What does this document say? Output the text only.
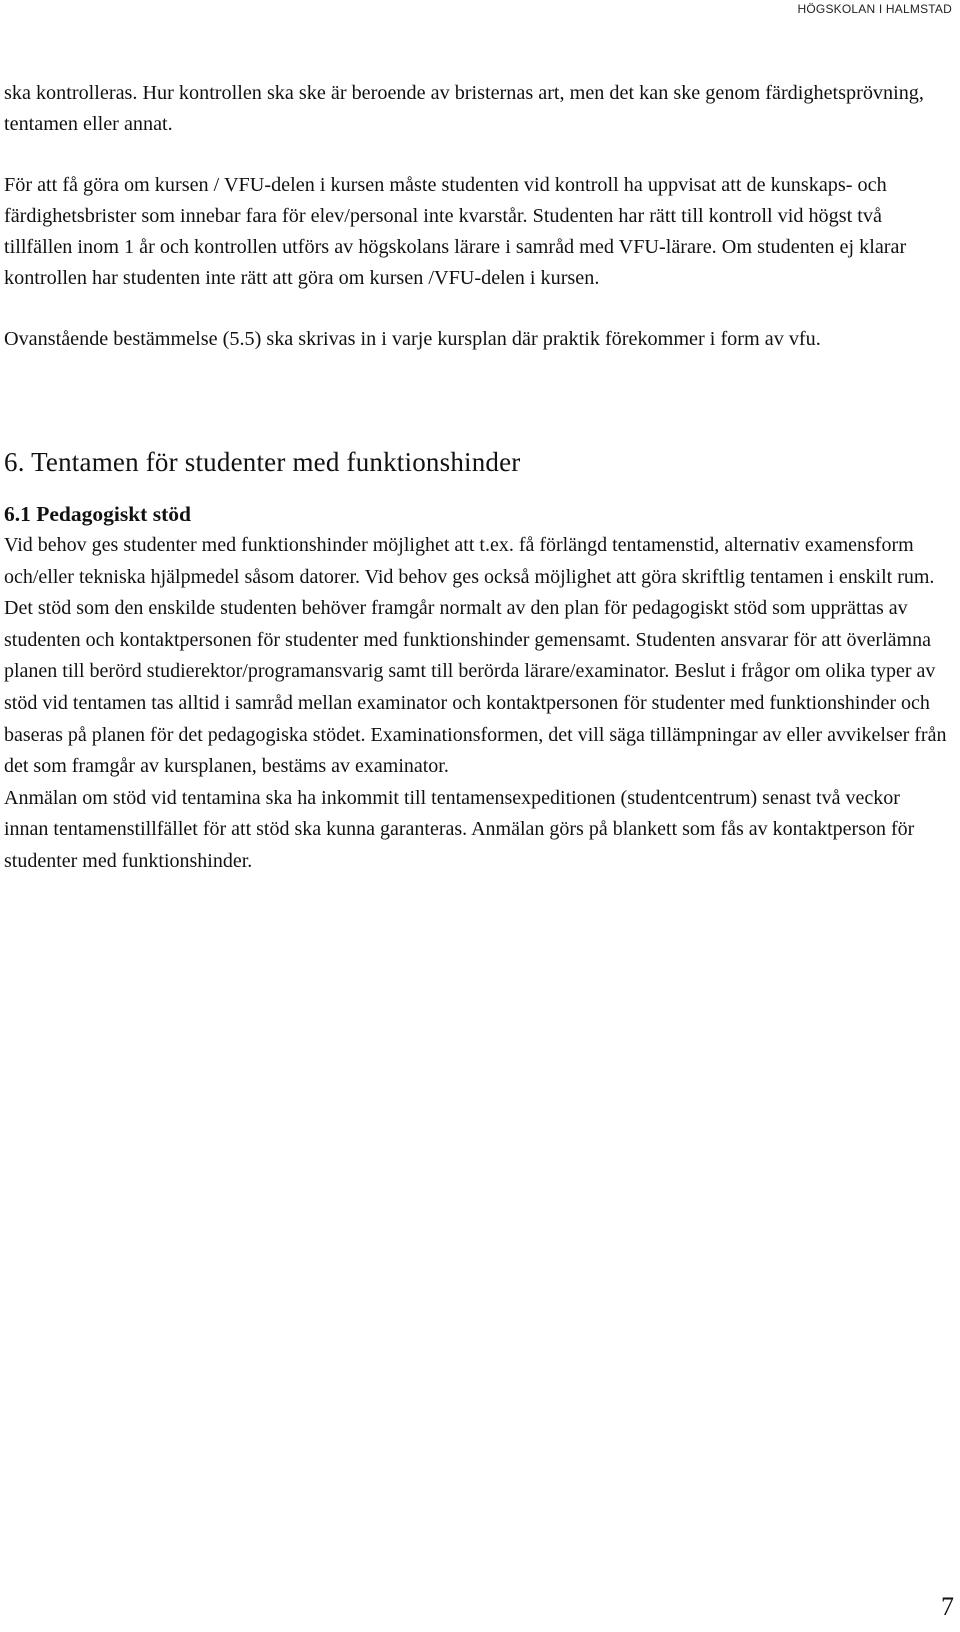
HÖGSKOLAN I HALMSTAD

ska kontrolleras. Hur kontrollen ska ske är beroende av bristernas art, men det kan ske genom färdighetsprövning, tentamen eller annat.

För att få göra om kursen / VFU-delen i kursen måste studenten vid kontroll ha uppvisat att de kunskaps- och färdighetsbrister som innebar fara för elev/personal inte kvarstår. Studenten har rätt till kontroll vid högst två tillfällen inom 1 år och kontrollen utförs av högskolans lärare i samråd med VFU-lärare. Om studenten ej klarar kontrollen har studenten inte rätt att göra om kursen /VFU-delen i kursen.

Ovanstående bestämmelse (5.5) ska skrivas in i varje kursplan där praktik förekommer i form av vfu.

6. Tentamen för studenter med funktionshinder
6.1 Pedagogiskt stöd

Vid behov ges studenter med funktionshinder möjlighet att t.ex. få förlängd tentamenstid, alternativ examensform och/eller tekniska hjälpmedel såsom datorer. Vid behov ges också möjlighet att göra skriftlig tentamen i enskilt rum. Det stöd som den enskilde studenten behöver framgår normalt av den plan för pedagogiskt stöd som upprättas av studenten och kontaktpersonen för studenter med funktionshinder gemensamt. Studenten ansvarar för att överlämna planen till berörd studierektor/programansvarig samt till berörda lärare/examinator. Beslut i frågor om olika typer av stöd vid tentamen tas alltid i samråd mellan examinator och kontaktpersonen för studenter med funktionshinder och baseras på planen för det pedagogiska stödet. Examinationsformen, det vill säga tillämpningar av eller avvikelser från det som framgår av kursplanen, bestäms av examinator.

Anmälan om stöd vid tentamina ska ha inkommit till tentamensexpeditionen (studentcentrum) senast två veckor innan tentamenstillfället för att stöd ska kunna garanteras. Anmälan görs på blankett som fås av kontaktperson för studenter med funktionshinder.

7
